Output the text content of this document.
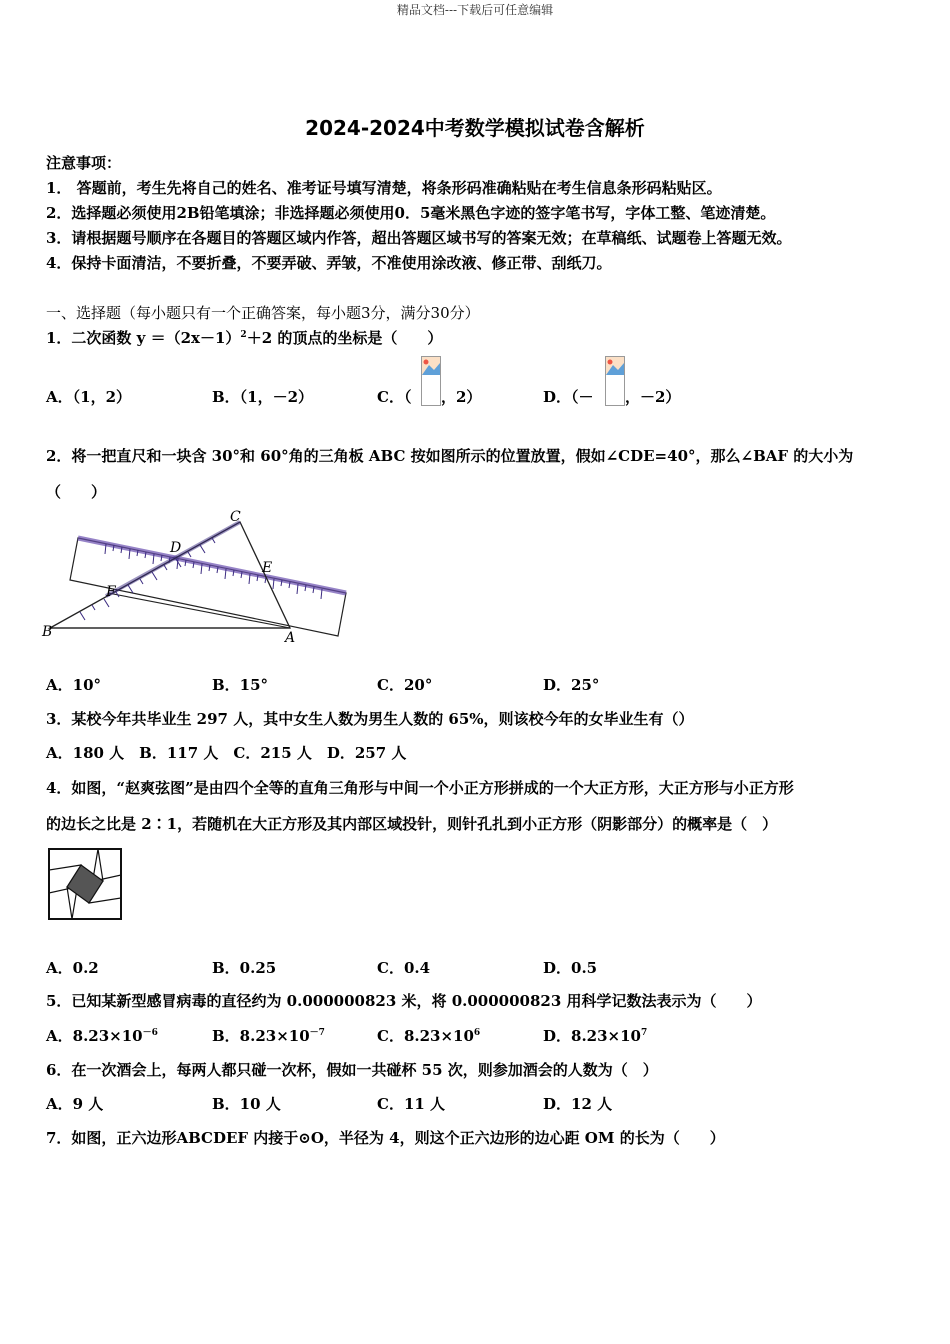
精品文档---下载后可任意编辑
2024-2024中考数学模拟试卷含解析
注意事项：
1． 答题前，考生先将自己的姓名、准考证号填写清楚，将条形码准确粘贴在考生信息条形码粘贴区。
2．选择题必须使用2B铅笔填涂；非选择题必须使用0．5毫米黑色字迹的签字笔书写，字体工整、笔迹清楚。
3．请根据题号顺序在各题目的答题区域内作答，超出答题区域书写的答案无效；在草稿纸、试题卷上答题无效。
4．保持卡面清洁，不要折叠，不要弄破、弄皱，不准使用涂改液、修正带、刮纸刀。
一、选择题（每小题只有一个正确答案，每小题3分，满分30分）
1．二次函数 $y =(2x-1)^2+2$ 的顶点的坐标是（　　）
A．（1，2）	B．（1，－2）	C．（ ，2）	D．（－ ，－2）
2．将一把直尺和一块含 30°和 60°角的三角板 ABC 按如图所示的位置放置，假如∠CDE=40°，那么∠BAF 的大小为
（　　）
C
D
E
F
B	A
A．10°	B．15°	C．20°	D．25°
3．某校今年共毕业生 297 人，其中女生人数为男生人数的 65%，则该校今年的女毕业生有（）
A．180 人　B．117 人　C．215 人　D．257 人
4．如图，“赵爽弦图”是由四个全等的直角三角形与中间一个小正方形拼成的一个大正方形，大正方形与小正方形
的边长之比是 2∶1，若随机在大正方形及其内部区域投针，则针孔扎到小正方形（阴影部分）的概率是（　）
A．0.2	B．0.25	C．0.4	D．0.5
5．已知某新型感冒病毒的直径约为 0.000000823 米，将 0.000000823 用科学记数法表示为（　　）
A．$8.23\times 10^{-6}$	B．$8.23\times 10^{-7}$	C．$8.23\times 10^6$	D．$8.23\times 10^7$
6．在一次酒会上，每两人都只碰一次杯，假如一共碰杯 55 次，则参加酒会的人数为（　）
A．9 人	B．10 人	C．11 人	D．12 人
7．如图，正六边形ABCDEF 内接于⊙O，半径为 4，则这个正六边形的边心距 OM 的长为（　　）
